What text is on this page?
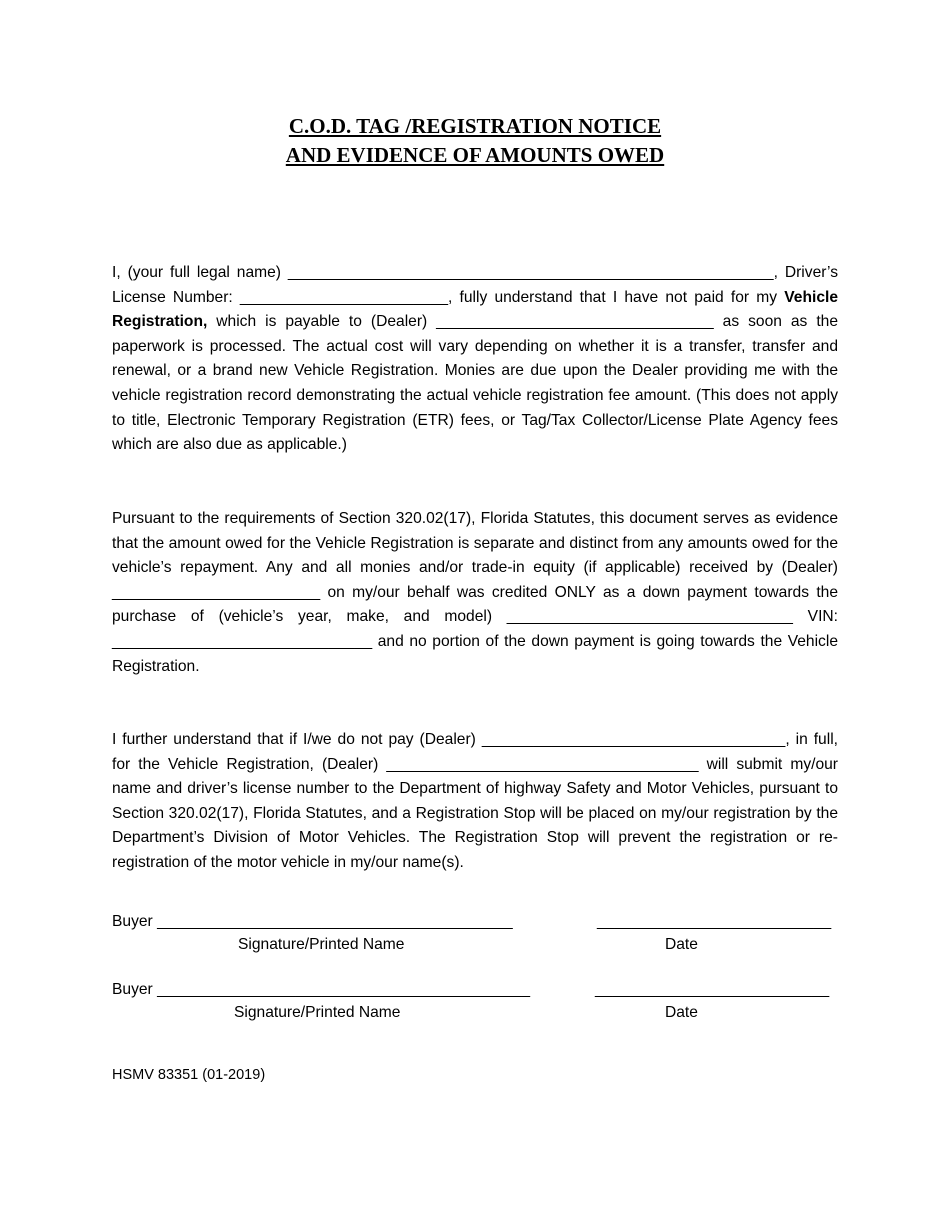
C.O.D. TAG /REGISTRATION NOTICE
AND EVIDENCE OF AMOUNTS OWED

I, (your full legal name) ________________________________________________________, Driver’s License Number: ________________________, fully understand that I have not paid for my Vehicle Registration, which is payable to (Dealer) ________________________________ as soon as the paperwork is processed. The actual cost will vary depending on whether it is a transfer, transfer and renewal, or a brand new Vehicle Registration. Monies are due upon the Dealer providing me with the vehicle registration record demonstrating the actual vehicle registration fee amount. (This does not apply to title, Electronic Temporary Registration (ETR) fees, or Tag/Tax Collector/License Plate Agency fees which are also due as applicable.)

Pursuant to the requirements of Section 320.02(17), Florida Statutes, this document serves as evidence that the amount owed for the Vehicle Registration is separate and distinct from any amounts owed for the vehicle’s repayment. Any and all monies and/or trade-in equity (if applicable) received by (Dealer) ________________________ on my/our behalf was credited ONLY as a down payment towards the purchase of (vehicle’s year, make, and model) _________________________________ VIN: ______________________________ and no portion of the down payment is going towards the Vehicle Registration.

I further understand that if I/we do not pay (Dealer) ___________________________________, in full, for the Vehicle Registration, (Dealer) ____________________________________ will submit my/our name and driver’s license number to the Department of highway Safety and Motor Vehicles, pursuant to Section 320.02(17), Florida Statutes, and a Registration Stop will be placed on my/our registration by the Department’s Division of Motor Vehicles. The Registration Stop will prevent the registration or re-registration of the motor vehicle in my/our name(s).

Buyer _________________________________________	___________________________
Signature/Printed Name	Date
Buyer ___________________________________________	___________________________
Signature/Printed Name	Date
HSMV 83351 (01-2019)
